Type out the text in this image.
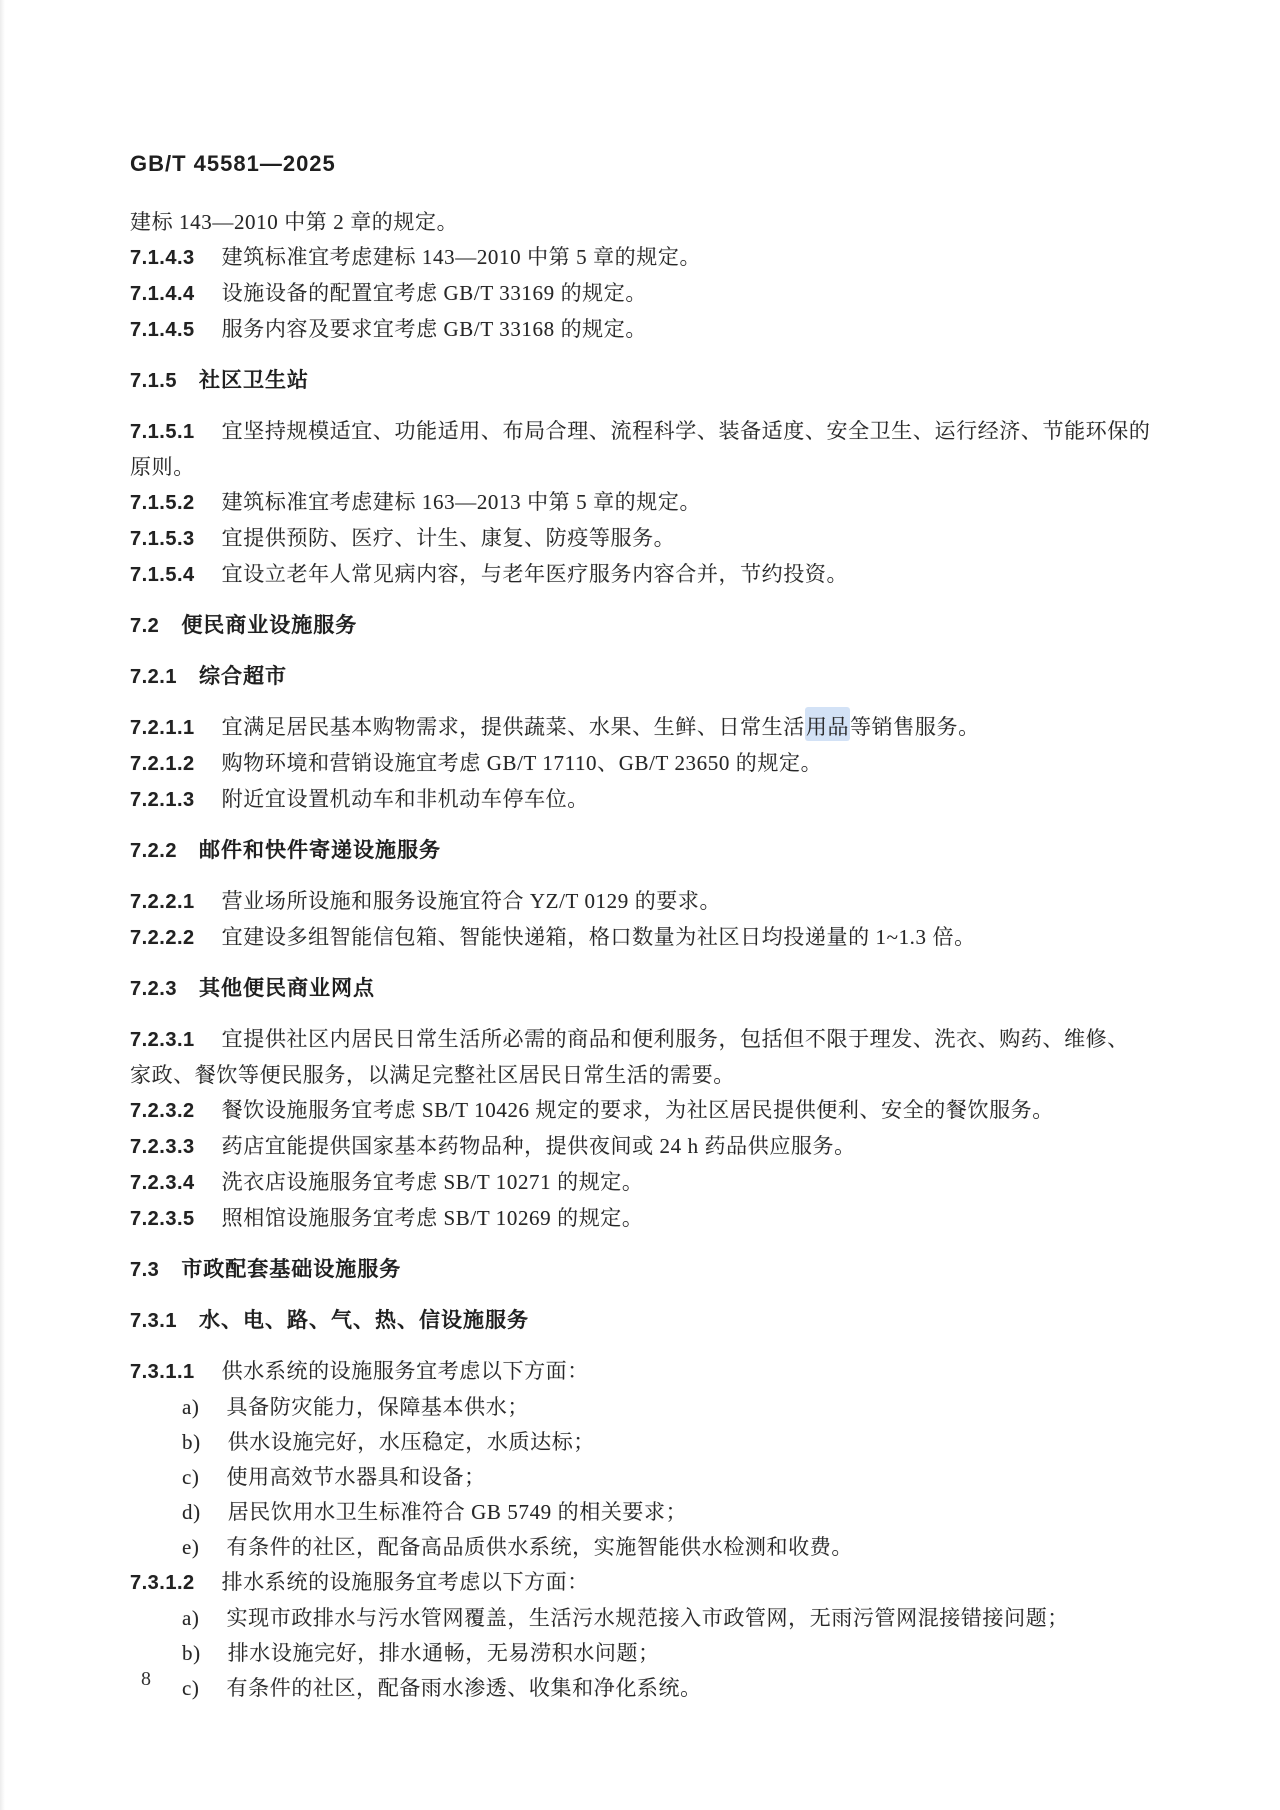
GB/T 45581—2025

建标 143—2010 中第 2 章的规定。

7.1.4.3 建筑标准宜考虑建标 143—2010 中第 5 章的规定。

7.1.4.4 设施设备的配置宜考虑 GB/T 33169 的规定。

7.1.4.5 服务内容及要求宜考虑 GB/T 33168 的规定。

7.1.5 社区卫生站

7.1.5.1 宜坚持规模适宜、功能适用、布局合理、流程科学、装备适度、安全卫生、运行经济、节能环保的

原则。

7.1.5.2 建筑标准宜考虑建标 163—2013 中第 5 章的规定。

7.1.5.3 宜提供预防、医疗、计生、康复、防疫等服务。

7.1.5.4 宜设立老年人常见病内容，与老年医疗服务内容合并，节约投资。

7.2 便民商业设施服务

7.2.1 综合超市

7.2.1.1 宜满足居民基本购物需求，提供蔬菜、水果、生鲜、日常生活用品等销售服务。

7.2.1.2 购物环境和营销设施宜考虑 GB/T 17110、GB/T 23650 的规定。

7.2.1.3 附近宜设置机动车和非机动车停车位。

7.2.2 邮件和快件寄递设施服务

7.2.2.1 营业场所设施和服务设施宜符合 YZ/T 0129 的要求。

7.2.2.2 宜建设多组智能信包箱、智能快递箱，格口数量为社区日均投递量的 1~1.3 倍。

7.2.3 其他便民商业网点

7.2.3.1 宜提供社区内居民日常生活所必需的商品和便利服务，包括但不限于理发、洗衣、购药、维修、

家政、餐饮等便民服务，以满足完整社区居民日常生活的需要。

7.2.3.2 餐饮设施服务宜考虑 SB/T 10426 规定的要求，为社区居民提供便利、安全的餐饮服务。

7.2.3.3 药店宜能提供国家基本药物品种，提供夜间或 24 h 药品供应服务。

7.2.3.4 洗衣店设施服务宜考虑 SB/T 10271 的规定。

7.2.3.5 照相馆设施服务宜考虑 SB/T 10269 的规定。

7.3 市政配套基础设施服务

7.3.1 水、电、路、气、热、信设施服务

7.3.1.1 供水系统的设施服务宜考虑以下方面：

a) 具备防灾能力，保障基本供水；

b) 供水设施完好，水压稳定，水质达标；

c) 使用高效节水器具和设备；

d) 居民饮用水卫生标准符合 GB 5749 的相关要求；

e) 有条件的社区，配备高品质供水系统，实施智能供水检测和收费。

7.3.1.2 排水系统的设施服务宜考虑以下方面：

a) 实现市政排水与污水管网覆盖，生活污水规范接入市政管网，无雨污管网混接错接问题；

b) 排水设施完好，排水通畅，无易涝积水问题；

c) 有条件的社区，配备雨水渗透、收集和净化系统。

8
